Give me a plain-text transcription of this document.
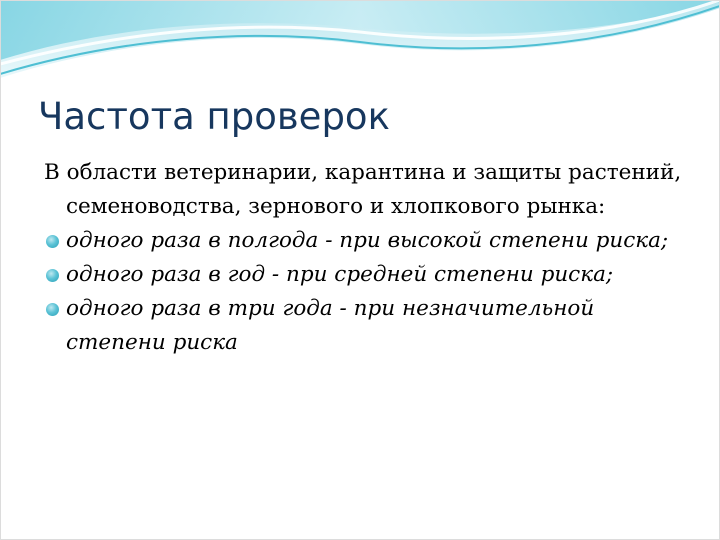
Частота проверок

В области ветеринарии, карантина и защиты растений, семеноводства, зернового и хлопкового рынка:

одного раза в полгода - при высокой степени риска;
одного раза в год - при средней степени риска;
одного раза в три года - при незначительной степени риска
